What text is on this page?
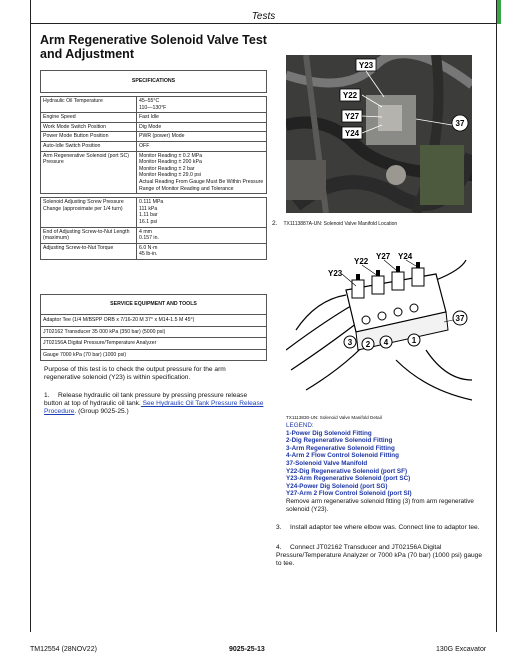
Tests
Arm Regenerative Solenoid Valve Test and Adjustment
SPECIFICATIONS	

Hydraulic Oil Temperature	45–55°C
110—130°F

Engine Speed	Fast Idle
Work Mode Switch Position	Dig Mode
Power Mode Button Position	PWR (power) Mode
Auto-Idle Switch Position	OFF
Arm Regenerative Solenoid (port SC) Pressure	Monitor Reading ± 0.2 MPa
Monitor Reading ± 200 kPa
Monitor Reading ± 2 bar
Monitor Reading ± 29.0 psi
Actual Reading From Gauge Must Be Within Pressure Range of Monitor Reading and Tolerance

Solenoid Adjusting Screw Pressure Change (approximate per 1/4 turn)	0.111 MPa
111 kPa
1.11 bar
16.1 psi

End of Adjusting Screw-to-Nut Length (maximum)	4 mm
0.157 in.

Adjusting Screw-to-Nut Torque	6.0 N·m
45 lb-in.
SERVICE EQUIPMENT AND TOOLS
Adaptor Tee (1/4 M/BSPP ORB x 7/16-20 M 37° x M14-1.5 M 45°)
JT02162 Transducer 35 000 kPa (350 bar) (5000 psi)
JT02156A Digital Pressure/Temperature Analyzer
Gauge 7000 kPa (70 bar) (1000 psi)
Purpose of this test is to check the output pressure for the arm regenerative solenoid (Y23) is within specification.
1. Release hydraulic oil tank pressure by pressing pressure release button at top of hydraulic oil tank. See Hydraulic Oil Tank Pressure Release Procedure. (Group 9025-25.)
Y23
Y22
Y27
Y24
37
2. TX1113887A-UN: Solenoid Valve Manifold Location
Y22
Y27 Y24
Y23
37
3 2 4	1
TX1113830-UN: Solenoid Valve Manifold Detail
LEGEND:
1-Power Dig Solenoid Fitting
2-Dig Regenerative Solenoid Fitting
3-Arm Regenerative Solenoid Fitting
4-Arm 2 Flow Control Solenoid Fitting
37-Solenoid Valve Manifold
Y22-Dig Regenerative Solenoid (port SF)
Y23-Arm Regenerative Solenoid (port SC)
Y24-Power Dig Solenoid (port SG)
Y27-Arm 2 Flow Control Solenoid (port SI)
Remove arm regenerative solenoid fitting (3) from arm regenerative solenoid (Y23).
3. Install adaptor tee where elbow was. Connect line to adaptor tee.
4. Connect JT02162 Transducer and JT02156A Digital Pressure/Temperature Analyzer or 7000 kPa (70 bar) (1000 psi) gauge to tee.
TM12554 (28NOV22)	9025-25-13	130G Excavator
